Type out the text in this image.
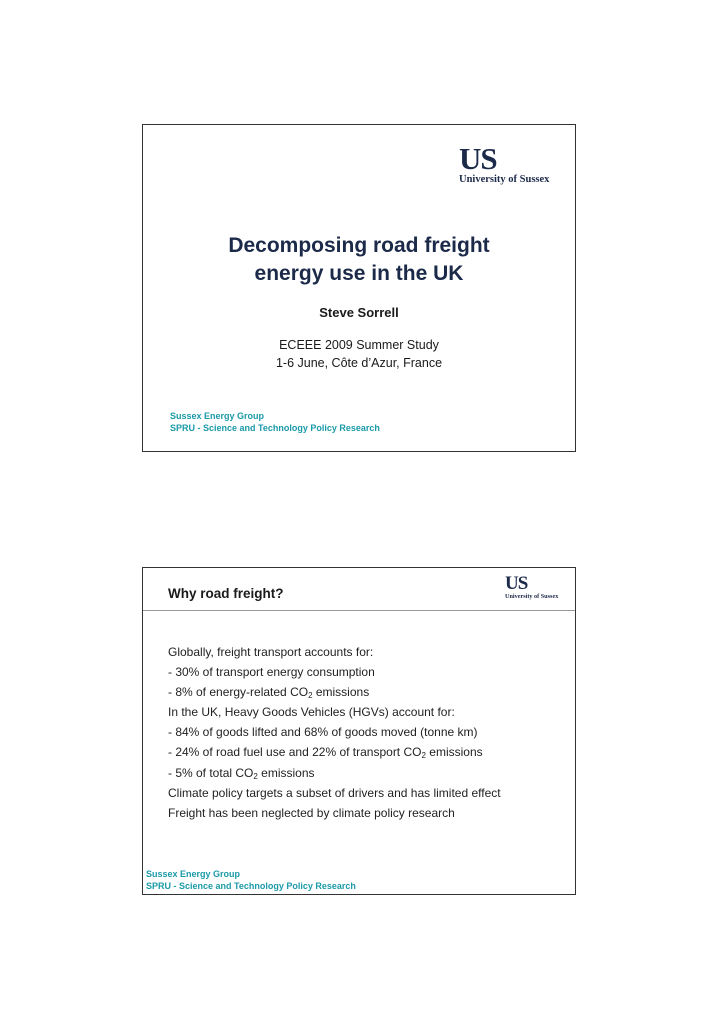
US
University of Sussex
Decomposing road freight
energy use in the UK
Steve Sorrell
ECEEE 2009 Summer Study
1-6 June, Côte d’Azur, France
Sussex Energy Group
SPRU - Science and Technology Policy Research
Why road freight?	US
University of Sussex
Globally, freight transport accounts for:
- 30% of transport energy consumption
- 8% of energy-related $CO_2$ emissions
In the UK, Heavy Goods Vehicles (HGVs) account for:
- 84% of goods lifted and 68% of goods moved (tonne km)
- 24% of road fuel use and 22% of transport $CO_2$ emissions
- 5% of total $CO_2$ emissions
Climate policy targets a subset of drivers and has limited effect
Freight has been neglected by climate policy research
Sussex Energy Group
SPRU - Science and Technology Policy Research
